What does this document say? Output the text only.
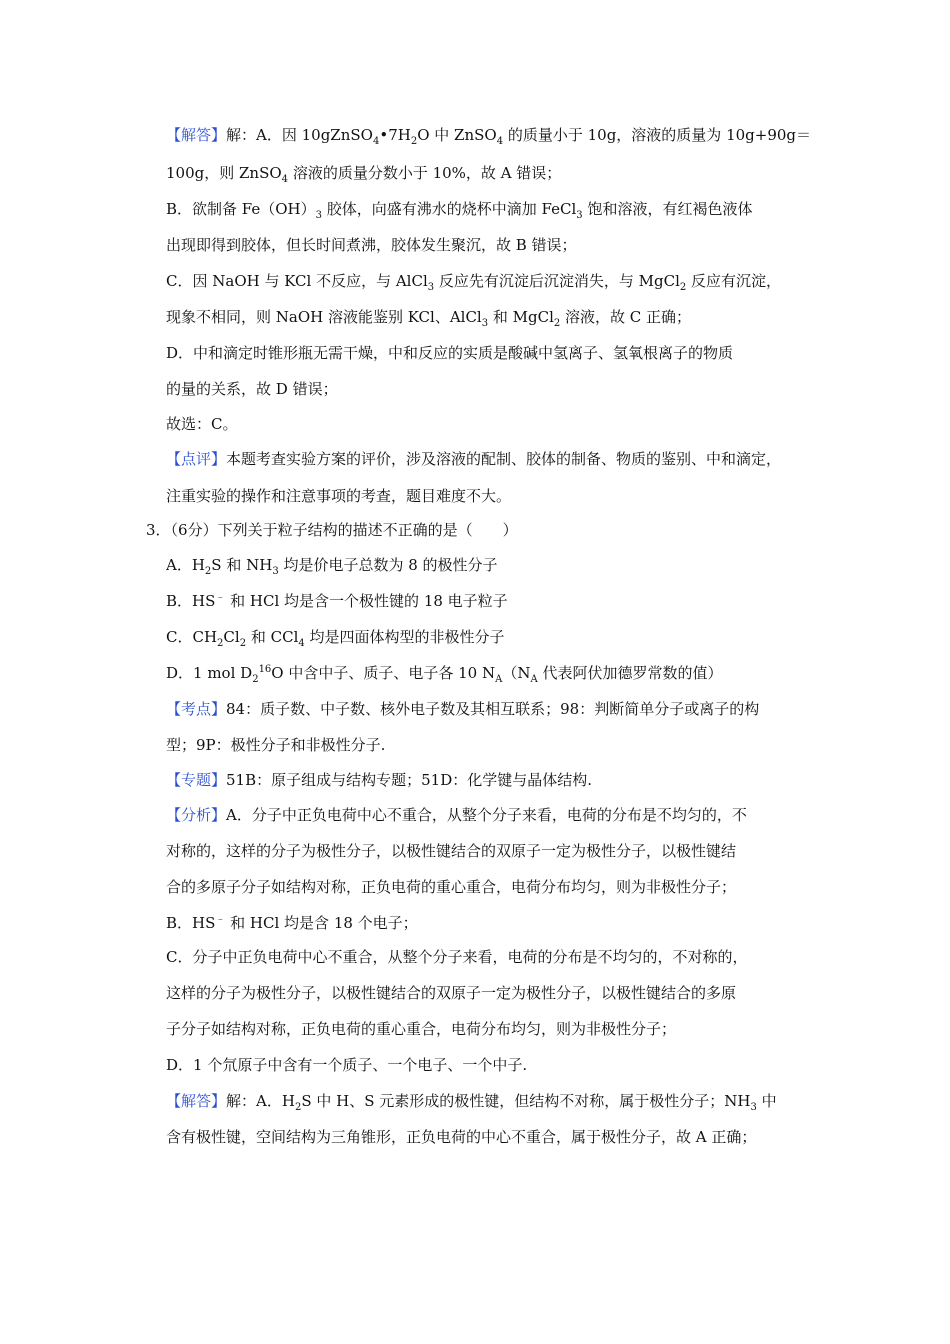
【解答】解：A．因 $10gZnSO_4•7H_2O$ 中 ZnSO$_4$ 的质量小于 10g，溶液的质量为 10g+90g＝
100g，则 ZnSO$_4$ 溶液的质量分数小于 10%，故 A 错误；
B．欲制备 $Fe(OH)_3$ 胶体，向盛有沸水的烧杯中滴加 FeCl$_3$ 饱和溶液，有红褐色液体
出现即得到胶体，但长时间煮沸，胶体发生聚沉，故 B 错误；
C．因 NaOH 与 KCl 不反应，与 AlCl$_3$ 反应先有沉淀后沉淀消失，与 MgCl$_2$ 反应有沉淀，
现象不相同，则 NaOH 溶液能鉴别 KCl、AlCl$_3$ 和 MgCl$_2$ 溶液，故 C 正确；
D．中和滴定时锥形瓶无需干燥，中和反应的实质是酸碱中氢离子、氢氧根离子的物质
的量的关系，故 D 错误；
故选：C。
【点评】本题考查实验方案的评价，涉及溶液的配制、胶体的制备、物质的鉴别、中和滴定，
注重实验的操作和注意事项的考查，题目难度不大。
3．（6分）下列关于粒子结构的描述不正确的是（　　）
A．$H_2S$ 和 $NH_3$ 均是价电子总数为 8 的极性分子
B．HS﹣ 和 HCl 均是含一个极性键的 18 电子粒子
C．$CH_2Cl_2$ 和 CCl$_4$ 均是四面体构型的非极性分子
D．1 mol $D_2^{16}O$ 中含中子、质子、电子各 10 $N_A(N_A$ 代表阿伏加德罗常数的值）
【考点】84：质子数、中子数、核外电子数及其相互联系；98：判断简单分子或离子的构
型；9P：极性分子和非极性分子.
【专题】51B：原子组成与结构专题；51D：化学键与晶体结构.
【分析】A．分子中正负电荷中心不重合，从整个分子来看，电荷的分布是不均匀的，不
对称的，这样的分子为极性分子，以极性键结合的双原子一定为极性分子，以极性键结
合的多原子分子如结构对称，正负电荷的重心重合，电荷分布均匀，则为非极性分子；
B．HS﹣ 和 HCl 均是含 18 个电子；
C．分子中正负电荷中心不重合，从整个分子来看，电荷的分布是不均匀的，不对称的，
这样的分子为极性分子，以极性键结合的双原子一定为极性分子，以极性键结合的多原
子分子如结构对称，正负电荷的重心重合，电荷分布均匀，则为非极性分子；
D．1 个氘原子中含有一个质子、一个电子、一个中子.
【解答】解：A．$H_2S$ 中 H、S 元素形成的极性键，但结构不对称，属于极性分子；$NH_3$ 中
含有极性键，空间结构为三角锥形，正负电荷的中心不重合，属于极性分子，故 A 正确；
